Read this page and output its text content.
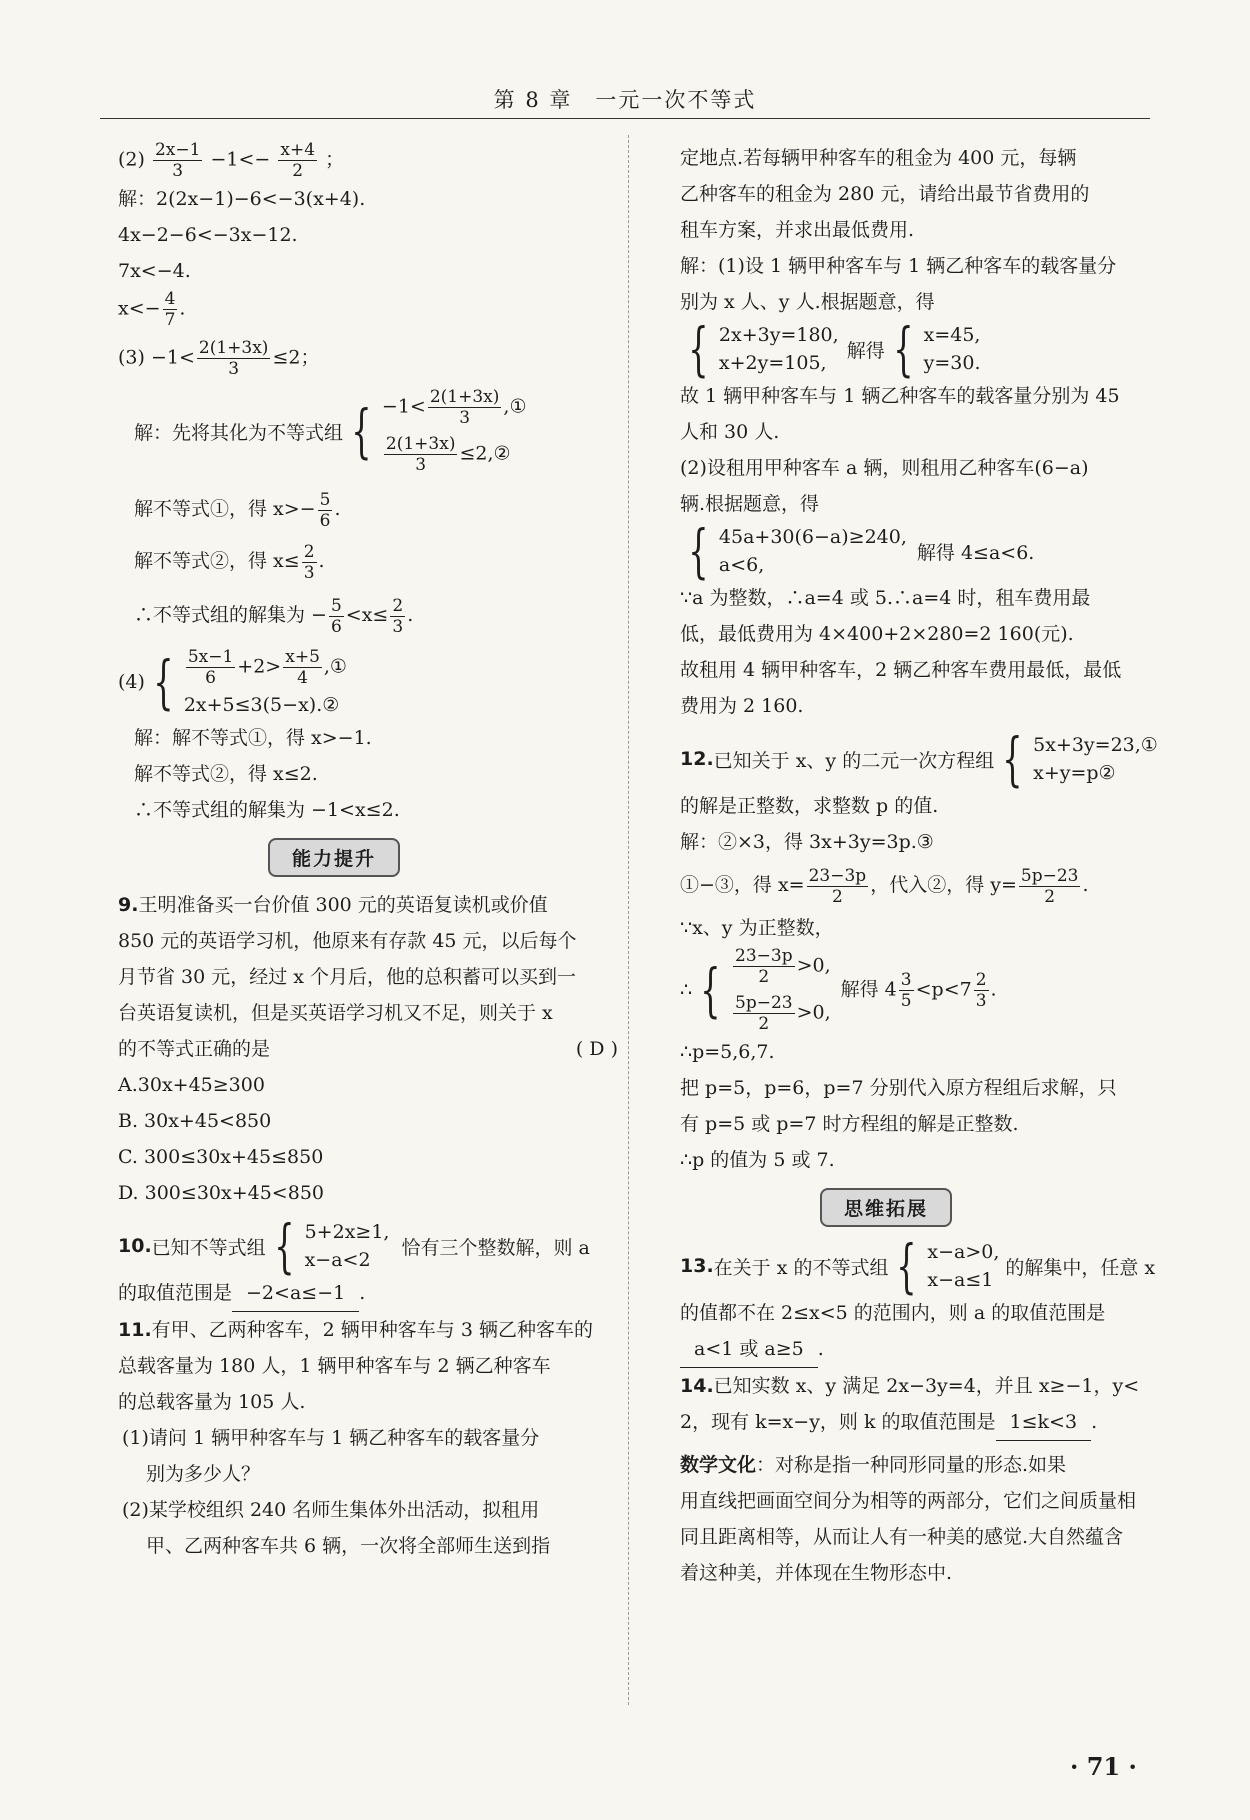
第 8 章　一元一次不等式

$(2) \frac{2x-1}{3} -1<- \frac{x+4}{2}$ ；

解：2(2x−1)−6<−3(x+4).

4x−2−6<−3x−12.

7x<−4.

$x<- \frac{4}{7}$ .

$(3) -1< \frac{2(1+3x)}{3} \le 2$；

解：先将其化为不等式组 { $-1< \frac{2(1+3x)}{3}$ ,①
$\frac{2(1+3x)}{3}$ ≤2,②

解不等式①，得 $x>- \frac{5}{6}$ .

解不等式②，得 $x\le \frac{2}{3}$ .

∴不等式组的解集为 − $\frac{5}{6} <x\le \frac{2}{3}$ .

(4) { $\frac{5x-1}{6} +2> \frac{x+5}{4}$ ,①
2x+5≤3(5−x).②

解：解不等式①，得 x>−1.

解不等式②，得 x≤2.

∴不等式组的解集为 −1<x≤2.

能力提升

9.王明准备买一台价值 300 元的英语复读机或价值

850 元的英语学习机，他原来有存款 45 元，以后每个

月节省 30 元，经过 x 个月后，他的总积蓄可以买到一

台英语复读机，但是买英语学习机又不足，则关于 x

的不等式正确的是	( D )

A.30x+45≥300

B. 30x+45<850

C. 300≤30x+45≤850

D. 300≤30x+45<850

10. 已知不等式组 { 5+2x≥1,
x−a<2
恰有三个整数解，则 a

的取值范围是 −2<a≤−1 .

11.有甲、乙两种客车，2 辆甲种客车与 3 辆乙种客车的

总载客量为 180 人，1 辆甲种客车与 2 辆乙种客车

的总载客量为 105 人.

(1)请问 1 辆甲种客车与 1 辆乙种客车的载客量分

别为多少人？

(2)某学校组织 240 名师生集体外出活动，拟租用

甲、乙两种客车共 6 辆，一次将全部师生送到指

定地点.若每辆甲种客车的租金为 400 元，每辆

乙种客车的租金为 280 元，请给出最节省费用的

租车方案，并求出最低费用.

解：(1)设 1 辆甲种客车与 1 辆乙种客车的载客量分

别为 x 人、y 人.根据题意，得

{ 2x+3y=180,
x+2y=105,
解得 { x=45,
y=30.

故 1 辆甲种客车与 1 辆乙种客车的载客量分别为 45

人和 30 人.

(2)设租用甲种客车 a 辆，则租用乙种客车(6−a)

辆.根据题意，得

{ 45a+30(6−a)≥240,
a<6,
解得 4≤a<6.

∵a 为整数，∴a=4 或 5.∴a=4 时，租车费用最

低，最低费用为 4×400+2×280=2 160(元).

故租用 4 辆甲种客车，2 辆乙种客车费用最低，最低

费用为 2 160.

12. 已知关于 x、y 的二元一次方程组 { 5x+3y=23,①
x+y=p②

的解是正整数，求整数 p 的值.

解：②×3，得 3x+3y=3p.③

①−③，得 $x= \frac{23-3p}{2}$ ，代入②，得 $y= \frac{5p-23}{2}$ .

∵x、y 为正整数，

∴ { $\frac{23-3p}{2} >0$,
$\frac{5p-23}{2} >0$,
解得 $4 \frac{3}{5} <p<7 \frac{2}{3}$ .

∴p=5,6,7.

把 p=5，p=6，p=7 分别代入原方程组后求解，只

有 p=5 或 p=7 时方程组的解是正整数.

∴p 的值为 5 或 7.

思维拓展
13. 在关于 x 的不等式组 { x−a>0,
x−a≤1
的解集中，任意 x

的值都不在 2≤x<5 的范围内，则 a 的取值范围是

a<1 或 a≥5 .

14.已知实数 x、y 满足 2x−3y=4，并且 x≥−1，y<

2，现有 k=x−y，则 k 的取值范围是 1≤k<3 .

数学文化：对称是指一种同形同量的形态.如果

用直线把画面空间分为相等的两部分，它们之间质量相

同且距离相等，从而让人有一种美的感觉.大自然蕴含

着这种美，并体现在生物形态中.

· 71 ·
